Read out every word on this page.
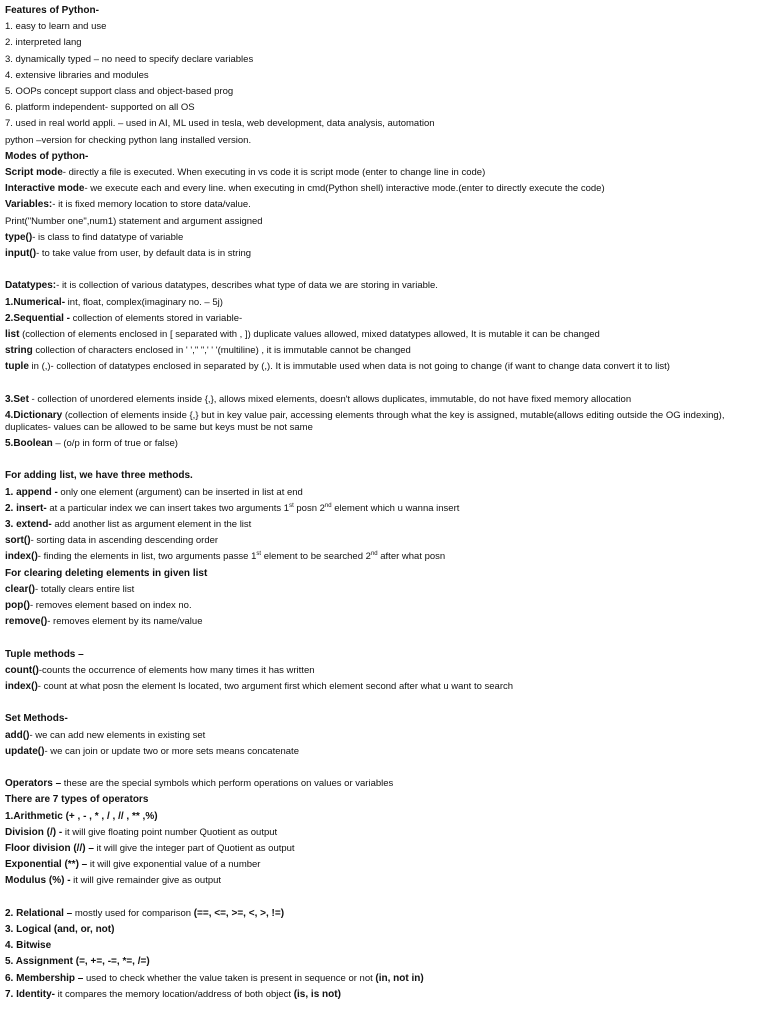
Features of Python-
1. easy to learn and use
2. interpreted lang
3. dynamically typed – no need to specify declare variables
4. extensive libraries and modules
5. OOPs concept support class and object-based prog
6. platform independent- supported on all OS
7. used in real world appli. – used in AI, ML used in tesla, web development, data analysis, automation
python –version for checking python lang installed version.
Modes of python-
Script mode- directly a file is executed. When executing in vs code it is script mode (enter to change line in code)
Interactive mode- we execute each and every line. when executing in cmd(Python shell) interactive mode.(enter to directly execute the code)
Variables:- it is fixed memory location to store data/value.
Print("Number one",num1) statement and argument assigned
type()- is class to find datatype of variable
input()- to take value from user, by default data is in string
Datatypes:- it is collection of various datatypes, describes what type of data we are storing in variable.
1.Numerical- int, float, complex(imaginary no. – 5j)
2.Sequential - collection of elements stored in variable-
list (collection of elements enclosed in [ separated with , ]) duplicate values allowed, mixed datatypes allowed, It is mutable it can be changed
string collection of characters enclosed in ' '," ",' ' '(multiline) , it is immutable cannot be changed
tuple in (,)- collection of datatypes enclosed in separated by (,). It is immutable used when data is not going to change (if want to change data convert it to list)
3.Set - collection of unordered elements inside {,}, allows mixed elements, doesn't allows duplicates, immutable, do not have fixed memory allocation
4.Dictionary (collection of elements inside {,} but in key value pair, accessing elements through what the key is assigned, mutable(allows editing outside the OG indexing), duplicates- values can be allowed to be same but keys must be not same
5.Boolean – (o/p in form of true or false)
For adding list, we have three methods.
1. append - only one element (argument) can be inserted in list at end
2. insert- at a particular index we can insert takes two arguments 1st posn 2nd element which u wanna insert
3. extend- add another list as argument element in the list
sort()- sorting data in ascending descending order
index()- finding the elements in list, two arguments passe 1st element to be searched 2nd after what posn
For clearing deleting elements in given list
clear()- totally clears entire list
pop()- removes element based on index no.
remove()- removes element by its name/value
Tuple methods –
count()-counts the occurrence of elements how many times it has written
index()- count at what posn the element Is located, two argument first which element second after what u want to search
Set Methods-
add()- we can add new elements in existing set
update()- we can join or update two or more sets means concatenate
Operators – these are the special symbols which perform operations on values or variables
There are 7 types of operators
1.Arithmetic (+ , - , * , / , // , ** ,%)
Division (/) - it will give floating point number Quotient as output
Floor division (//) – it will give the integer part of Quotient as output
Exponential (**) – it will give exponential value of a number
Modulus (%) - it will give remainder give as output
2. Relational – mostly used for comparison (==, <=, >=, <, >, !=)
3. Logical (and, or, not)
4. Bitwise
5. Assignment (=, +=, -=, *=, /=)
6. Membership – used to check whether the value taken is present in sequence or not (in, not in)
7. Identity- it compares the memory location/address of both object (is, is not)
